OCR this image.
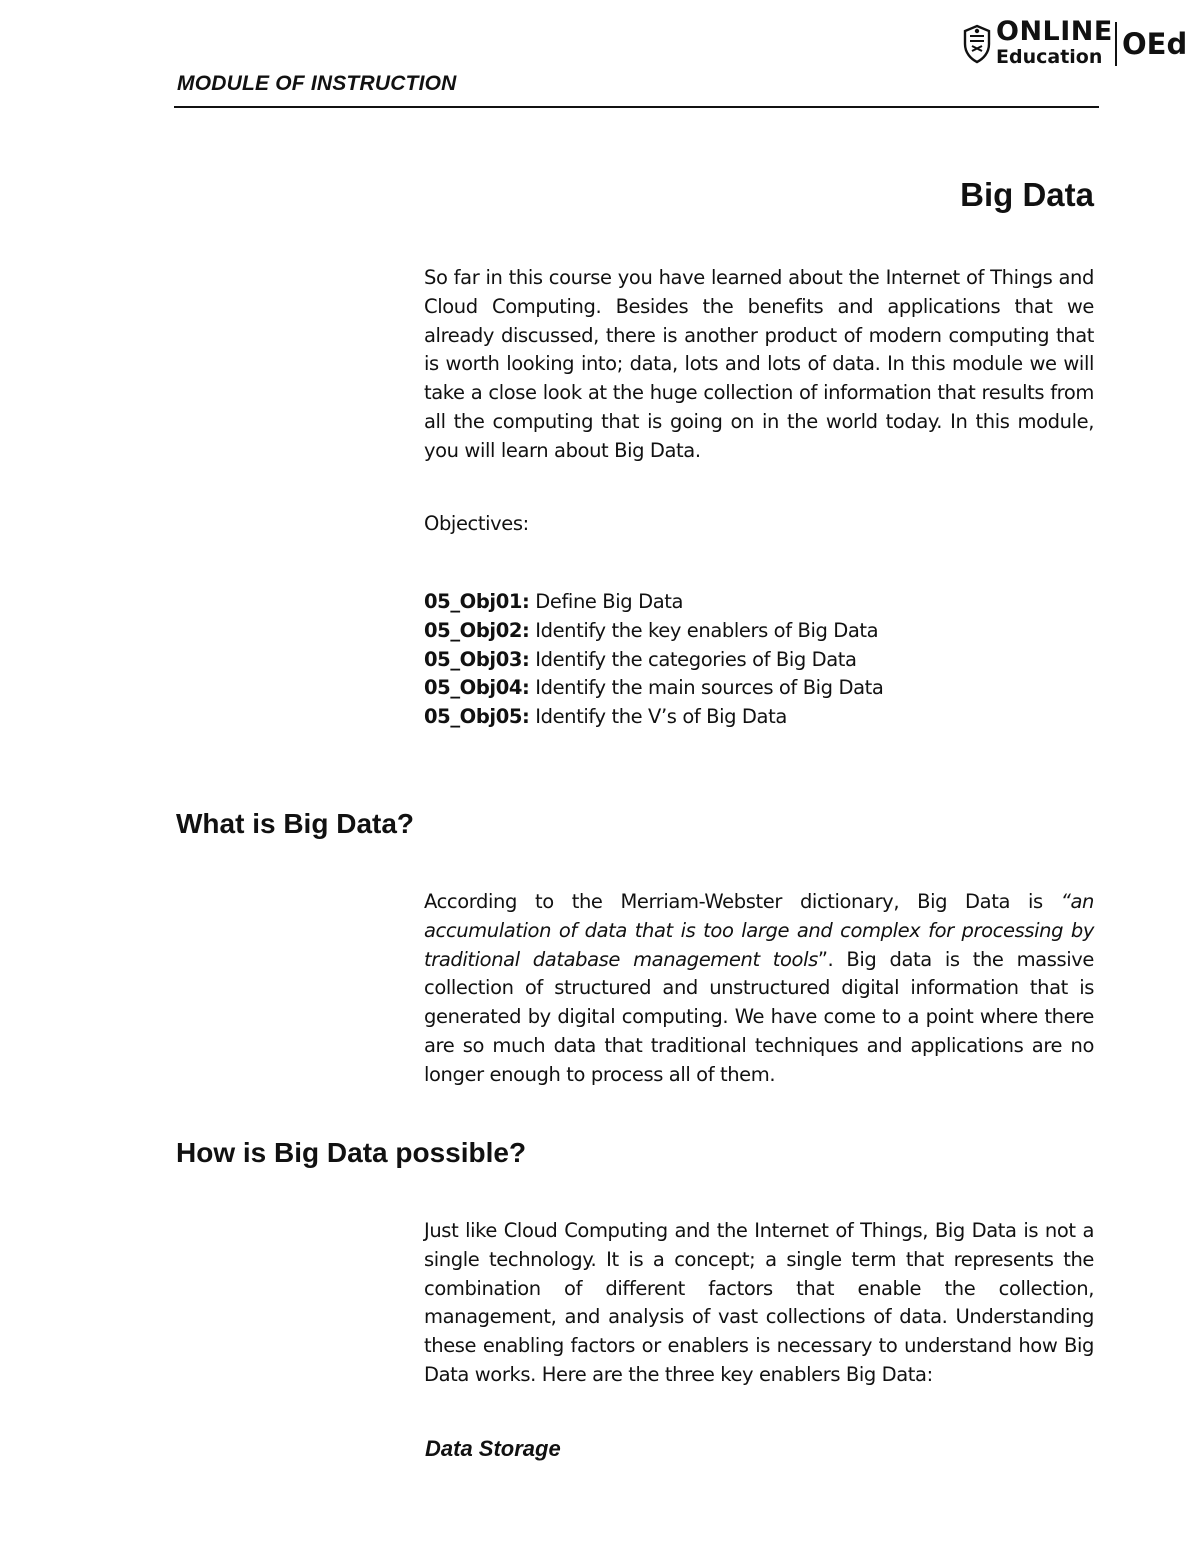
MODULE OF INSTRUCTION
ONLINE
Education OEd
Big Data

So far in this course you have learned about the Internet of Things and Cloud Computing. Besides the benefits and applications that we already discussed, there is another product of modern computing that is worth looking into; data, lots and lots of data. In this module we will take a close look at the huge collection of information that results from all the computing that is going on in the world today. In this module, you will learn about Big Data.

Objectives:
05_Obj01: Define Big Data
05_Obj02: Identify the key enablers of Big Data
05_Obj03: Identify the categories of Big Data
05_Obj04: Identify the main sources of Big Data
05_Obj05: Identify the V’s of Big Data
What is Big Data?

According to the Merriam-Webster dictionary, Big Data is “an accumulation of data that is too large and complex for processing by traditional database management tools”. Big data is the massive collection of structured and unstructured digital information that is generated by digital computing. We have come to a point where there are so much data that traditional techniques and applications are no longer enough to process all of them.

How is Big Data possible?

Just like Cloud Computing and the Internet of Things, Big Data is not a single technology. It is a concept; a single term that represents the combination of different factors that enable the collection, management, and analysis of vast collections of data. Understanding these enabling factors or enablers is necessary to understand how Big Data works. Here are the three key enablers Big Data:

Data Storage
